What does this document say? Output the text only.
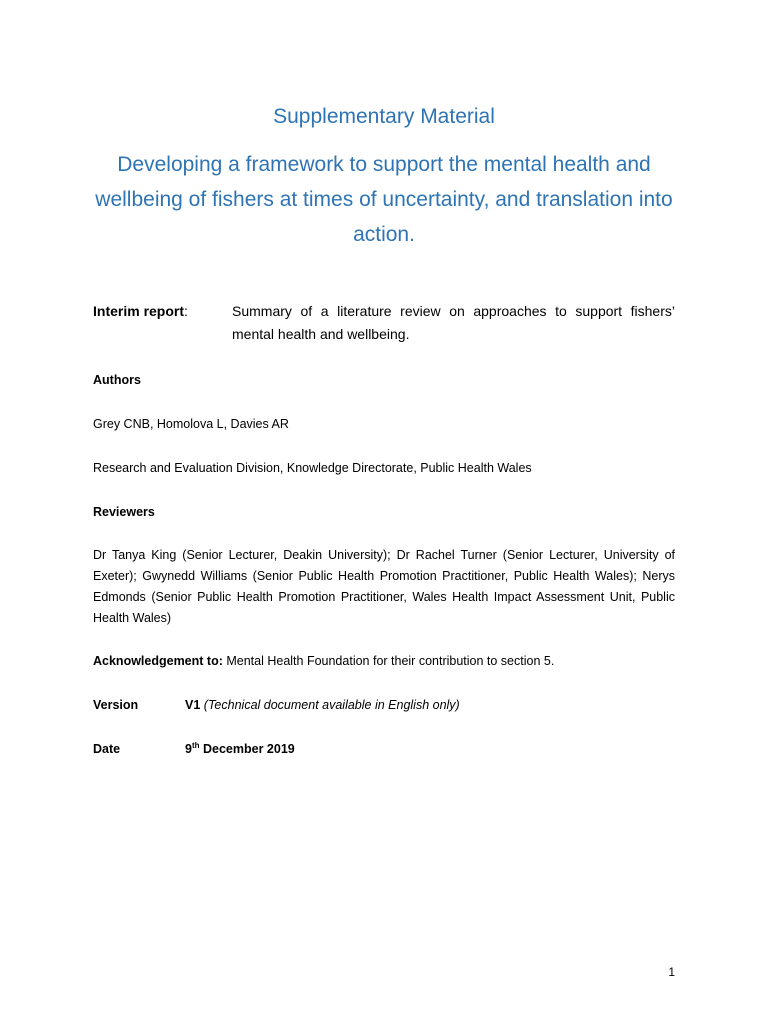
Supplementary Material
Developing a framework to support the mental health and wellbeing of fishers at times of uncertainty, and translation into action.
Interim report:	Summary of a literature review on approaches to support fishers’ mental health and wellbeing.

Authors

Grey CNB, Homolova L, Davies AR

Research and Evaluation Division, Knowledge Directorate, Public Health Wales

Reviewers

Dr Tanya King (Senior Lecturer, Deakin University); Dr Rachel Turner (Senior Lecturer, University of Exeter); Gwynedd Williams (Senior Public Health Promotion Practitioner, Public Health Wales); Nerys Edmonds (Senior Public Health Promotion Practitioner, Wales Health Impact Assessment Unit, Public Health Wales)

Acknowledgement to: Mental Health Foundation for their contribution to section 5.

Version	V1 (Technical document available in English only)
Date	9th December 2019
1
